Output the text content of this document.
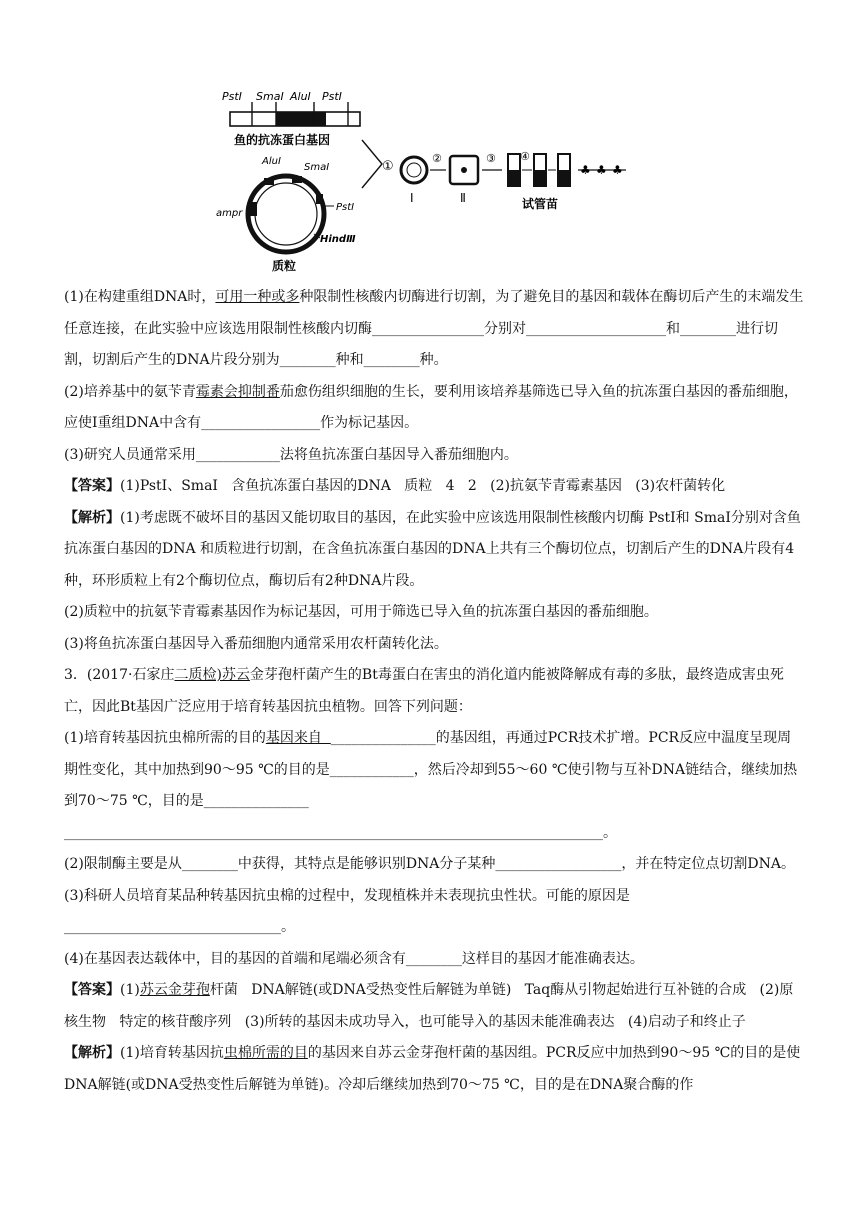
PstⅠ SmaⅠ AluⅠ PstⅠ
鱼的抗冻蛋白基因
AluⅠ
SmaⅠ
PstⅠ
HindⅢ
ampr
质粒
①
Ⅰ
②
Ⅱ
③ ④
♣ ♣ ♣
试管苗

(1)在构建重组DNA时，可用一种或多种限制性核酸内切酶进行切割，为了避免目的基因和载体在酶切后产生的末端发生任意连接，在此实验中应该选用限制性核酸内切酶________________分别对____________________和________进行切割，切割后产生的DNA片段分别为________种和________种。

(2)培养基中的氨苄青霉素会抑制番茄愈伤组织细胞的生长，要利用该培养基筛选已导入鱼的抗冻蛋白基因的番茄细胞，应使Ⅰ重组DNA中含有_________________作为标记基因。

(3)研究人员通常采用____________法将鱼抗冻蛋白基因导入番茄细胞内。

【答案】(1)PstⅠ、SmaⅠ   含鱼抗冻蛋白基因的DNA   质粒   4   2   (2)抗氨苄青霉素基因   (3)农杆菌转化

【解析】(1)考虑既不破坏目的基因又能切取目的基因，在此实验中应该选用限制性核酸内切酶 PstⅠ和 SmaⅠ分别对含鱼抗冻蛋白基因的DNA 和质粒进行切割，在含鱼抗冻蛋白基因的DNA上共有三个酶切位点，切割后产生的DNA片段有4种，环形质粒上有2个酶切位点，酶切后有2种DNA片段。

(2)质粒中的抗氨苄青霉素基因作为标记基因，可用于筛选已导入鱼的抗冻蛋白基因的番茄细胞。

(3)将鱼抗冻蛋白基因导入番茄细胞内通常采用农杆菌转化法。

3．(2017·石家庄二质检)苏云金芽孢杆菌产生的Bt毒蛋白在害虫的消化道内能被降解成有毒的多肽，最终造成害虫死亡，因此Bt基因广泛应用于培育转基因抗虫植物。回答下列问题：

(1)培育转基因抗虫棉所需的目的基因来自  _______________的基因组，再通过PCR技术扩增。PCR反应中温度呈现周期性变化，其中加热到90～95 ℃的目的是____________，然后冷却到55～60 ℃使引物与互补DNA链结合，继续加热到70～75 ℃，目的是_______________

_____________________________________________________________________________。

(2)限制酶主要是从________中获得，其特点是能够识别DNA分子某种__________________，并在特定位点切割DNA。

(3)科研人员培育某品种转基因抗虫棉的过程中，发现植株并未表现抗虫性状。可能的原因是_______________________________。

(4)在基因表达载体中，目的基因的首端和尾端必须含有________这样目的基因才能准确表达。

【答案】(1)苏云金芽孢杆菌   DNA解链(或DNA受热变性后解链为单链)   Taq酶从引物起始进行互补链的合成   (2)原核生物   特定的核苷酸序列   (3)所转的基因未成功导入，也可能导入的基因未能准确表达   (4)启动子和终止子

【解析】(1)培育转基因抗虫棉所需的目的基因来自苏云金芽孢杆菌的基因组。PCR反应中加热到90～95 ℃的目的是使DNA解链(或DNA受热变性后解链为单链)。冷却后继续加热到70～75 ℃，目的是在DNA聚合酶的作
